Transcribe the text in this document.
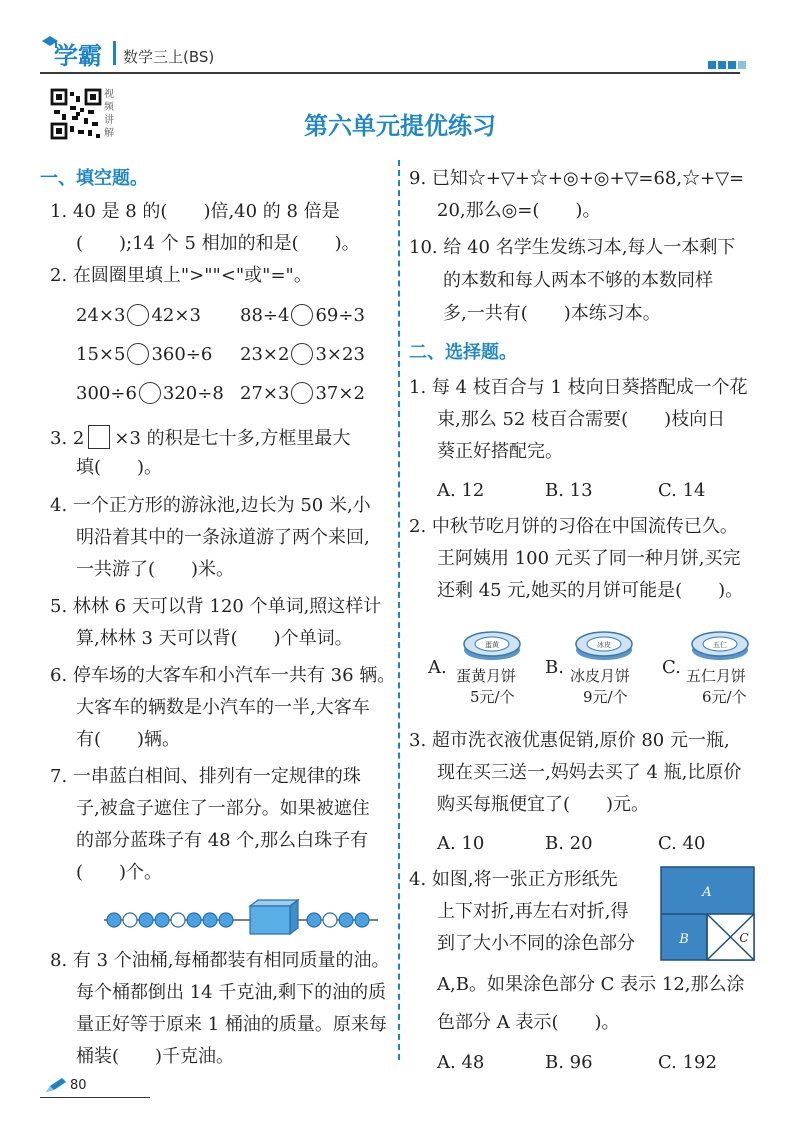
学霸 数学三上(BS)
视频讲解	第六单元提优练习
一、填空题。
1. 40 是 8 的(　　)倍,40 的 8 倍是
(　　);14 个 5 相加的和是(　　)。
2. 在圆圈里填上">""<"或"="。
24×3 42×3 88÷4 69÷3
15×5 360÷6 23×2 3×23
300÷6 320÷8 27×3 37×2
3. 2 ×3 的积是七十多,方框里最大
填(　　)。
4. 一个正方形的游泳池,边长为 50 米,小
明沿着其中的一条泳道游了两个来回,
一共游了(　　)米。
5. 林林 6 天可以背 120 个单词,照这样计
算,林林 3 天可以背(　　)个单词。
6. 停车场的大客车和小汽车一共有 36 辆。
大客车的辆数是小汽车的一半,大客车
有(　　)辆。
7. 一串蓝白相间、排列有一定规律的珠
子,被盒子遮住了一部分。如果被遮住
的部分蓝珠子有 48 个,那么白珠子有
(　　)个。
8. 有 3 个油桶,每桶都装有相同质量的油。
每个桶都倒出 14 千克油,剩下的油的质
量正好等于原来 1 桶油的质量。原来每
桶装(　　)千克油。
9. 已知☆+▽+☆+◎+◎+▽=68,☆+▽=
20,那么◎=(　　)。
10. 给 40 名学生发练习本,每人一本剩下
的本数和每人两本不够的本数同样
多,一共有(　　)本练习本。
二、选择题。
1. 每 4 枝百合与 1 枝向日葵搭配成一个花
束,那么 52 枝百合需要(　　)枝向日
葵正好搭配完。
A. 12	B. 13	C. 14
2. 中秋节吃月饼的习俗在中国流传已久。
王阿姨用 100 元买了同一种月饼,买完
还剩 45 元,她买的月饼可能是(　　)。
A.
蛋黄
蛋黄月饼
5元/个
B.
冰皮
冰皮月饼
9元/个
C.
五仁
五仁月饼
6元/个
3. 超市洗衣液优惠促销,原价 80 元一瓶,
现在买三送一,妈妈去买了 4 瓶,比原价
购买每瓶便宜了(　　)元。
A. 10	B. 20	C. 40
4. 如图,将一张正方形纸先
上下对折,再左右对折,得
到了大小不同的涂色部分
A,B。如果涂色部分 C 表示 12,那么涂
色部分 A 表示(　　)。
A
B	C
A. 48	B. 96	C. 192
80
